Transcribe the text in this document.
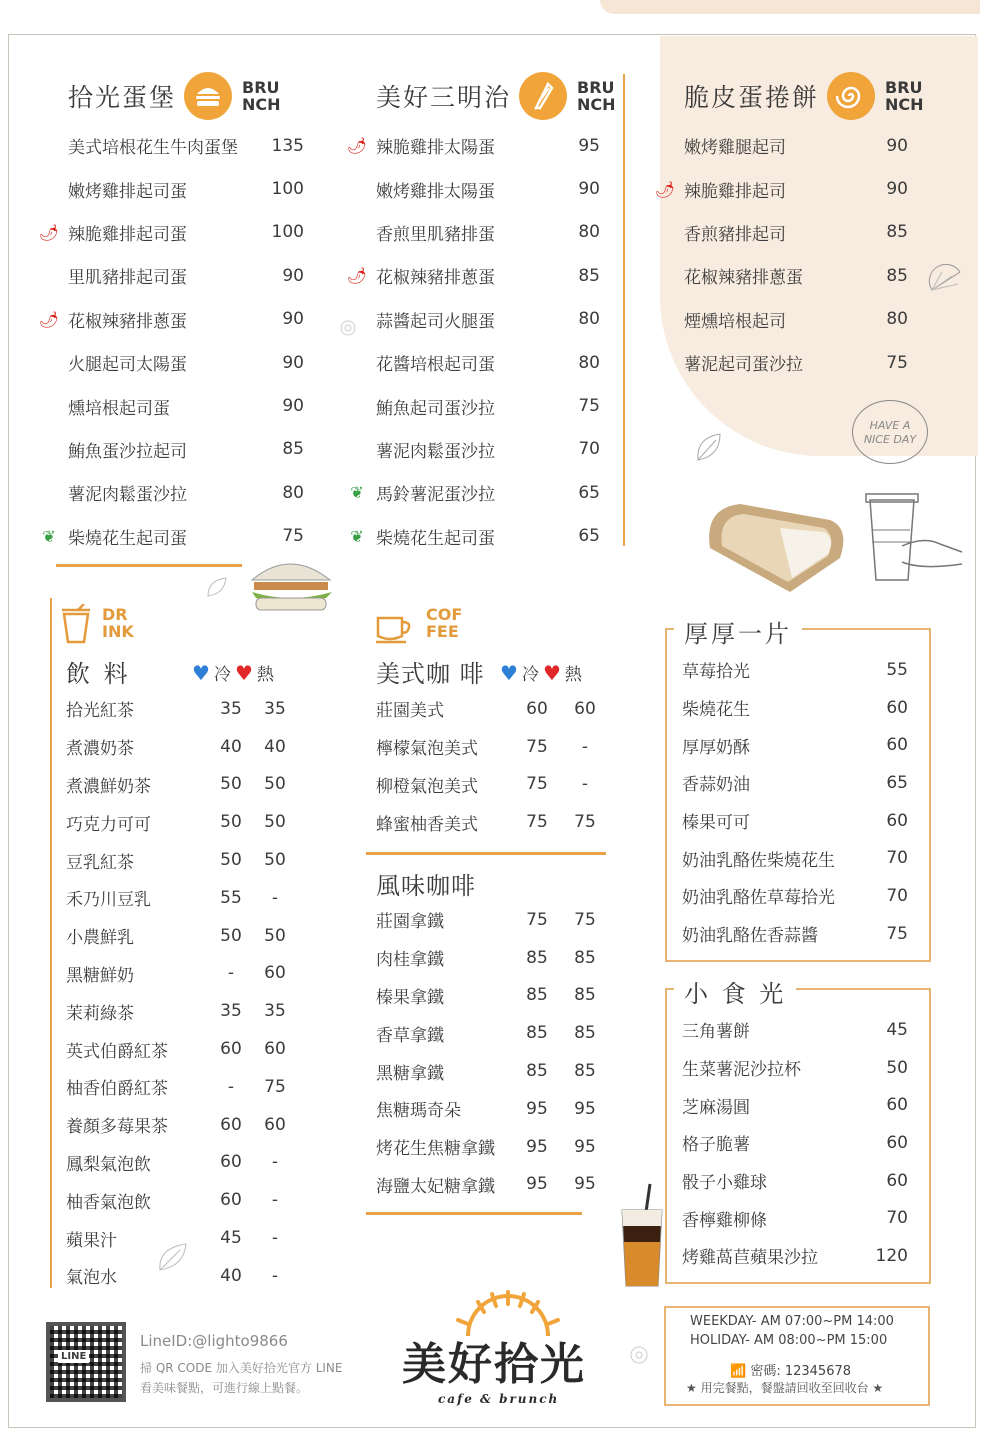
拾光蛋堡	BRU
NCH	美好三明治	BRU
NCH	脆皮蛋捲餅	BRU
NCH
美式培根花生牛肉蛋堡 135
嫩烤雞排起司蛋	100
🌶 辣脆雞排起司蛋	100
里肌豬排起司蛋	90
🌶 花椒辣豬排蔥蛋	90
火腿起司太陽蛋	90
燻培根起司蛋	90
鮪魚蛋沙拉起司	85
薯泥肉鬆蛋沙拉	80
❦ 柴燒花生起司蛋	75
🌶 辣脆雞排太陽蛋	95
嫩烤雞排太陽蛋	90
香煎里肌豬排蛋	80
🌶 花椒辣豬排蔥蛋	85
蒜醬起司火腿蛋	80
花醬培根起司蛋	80
鮪魚起司蛋沙拉	75
薯泥肉鬆蛋沙拉	70
❦ 馬鈴薯泥蛋沙拉	65
❦ 柴燒花生起司蛋	65
嫩烤雞腿起司	90
🌶 辣脆雞排起司	90
香煎豬排起司	85
花椒辣豬排蔥蛋	85
煙燻培根起司	80
薯泥起司蛋沙拉	75
HAVE A
NICE DAY
DR
INK
飲 料	♥ 冷 ♥ 熱
拾光紅茶	35 35
煮濃奶茶	40 40
煮濃鮮奶茶	50 50
巧克力可可	50 50
豆乳紅茶	50 50
禾乃川豆乳	55	-
小農鮮乳	50 50
黑糖鮮奶	-	60
茉莉綠茶	35 35
英式伯爵紅茶	60 60
柚香伯爵紅茶	-	75
養顏多莓果茶	60 60
鳳梨氣泡飲	60	-
柚香氣泡飲	60	-
蘋果汁	45	-
氣泡水	40	-
COF
FEE
美式咖 啡 ♥ 冷 ♥ 熱
莊園美式	60 60
檸檬氣泡美式	75	-
柳橙氣泡美式	75	-
蜂蜜柚香美式	75 75
風味咖啡
莊園拿鐵	75 75
肉桂拿鐵	85 85
榛果拿鐵	85 85
香草拿鐵	85 85
黑糖拿鐵	85 85
焦糖瑪奇朵	95 95
烤花生焦糖拿鐵 95 95
海鹽太妃糖拿鐵 95 95
厚厚一片
草莓拾光	55
柴燒花生	60
厚厚奶酥	60
香蒜奶油	65
榛果可可	60
奶油乳酪佐柴燒花生	70
奶油乳酪佐草莓拾光	70
奶油乳酪佐香蒜醬	75
小 食 光
三角薯餅	45
生菜薯泥沙拉杯	50
芝麻湯圓	60
格子脆薯	60
骰子小雞球	60
香檸雞柳條	70
烤雞萵苣蘋果沙拉	120
LINE
LineID:@lighto9866
掃 QR CODE 加入美好拾光官方 LINE
看美味餐點，可進行線上點餐。	美好拾光
cafe & brunch
WEEKDAY- AM 07:00~PM 14:00
HOLIDAY- AM 08:00~PM 15:00
📶 密碼: 12345678
★ 用完餐點，餐盤請回收至回收台 ★
